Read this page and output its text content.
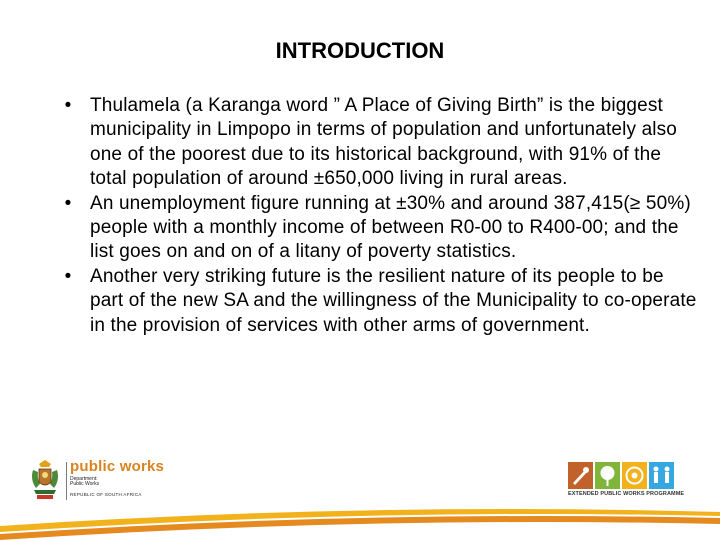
INTRODUCTION
• Thulamela (a Karanga word ” A Place of Giving Birth” is the biggest municipality in Limpopo in terms of population and unfortunately also one of the poorest due to its historical background, with 91% of the total population of around ±650,000 living in rural areas.
• An unemployment figure running at ±30% and around 387,415(≥ 50%) people with a monthly income of between R0-00 to R400-00; and the list goes on and on of a litany of poverty statistics.
• Another very striking future is the resilient nature of its people to be part of the new SA and the willingness of the Municipality to co-operate in the provision of services with other arms of government.
public works
Department:
Public Works
REPUBLIC OF SOUTH AFRICA	EXTENDED PUBLIC WORKS PROGRAMME
